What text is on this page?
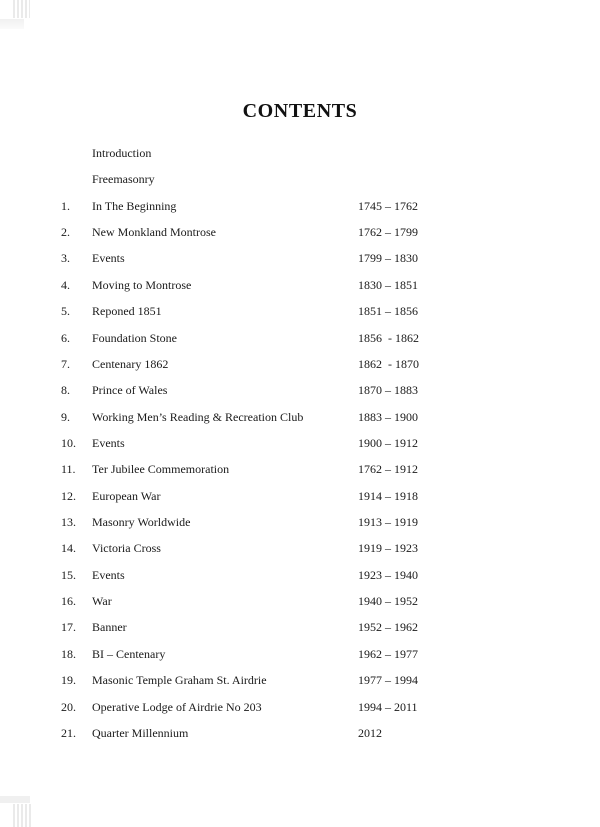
CONTENTS
Introduction
Freemasonry
1.	In The Beginning	1745 – 1762
2.	New Monkland Montrose	1762 – 1799
3.	Events	1799 – 1830
4.	Moving to Montrose	1830 – 1851
5.	Reponed 1851	1851 – 1856
6.	Foundation Stone	1856  - 1862
7.	Centenary 1862	1862  - 1870
8.	Prince of Wales	1870 – 1883
9.	Working Men’s Reading & Recreation Club	1883 – 1900
10.	Events	1900 – 1912
11.	Ter Jubilee Commemoration	1762 – 1912
12.	European War	1914 – 1918
13.	Masonry Worldwide	1913 – 1919
14.	Victoria Cross	1919 – 1923
15.	Events	1923 – 1940
16.	War	1940 – 1952
17.	Banner	1952 – 1962
18.	BI – Centenary	1962 – 1977
19.	Masonic Temple Graham St. Airdrie	1977 – 1994
20.	Operative Lodge of Airdrie No 203	1994 – 2011
21.	Quarter Millennium	2012
